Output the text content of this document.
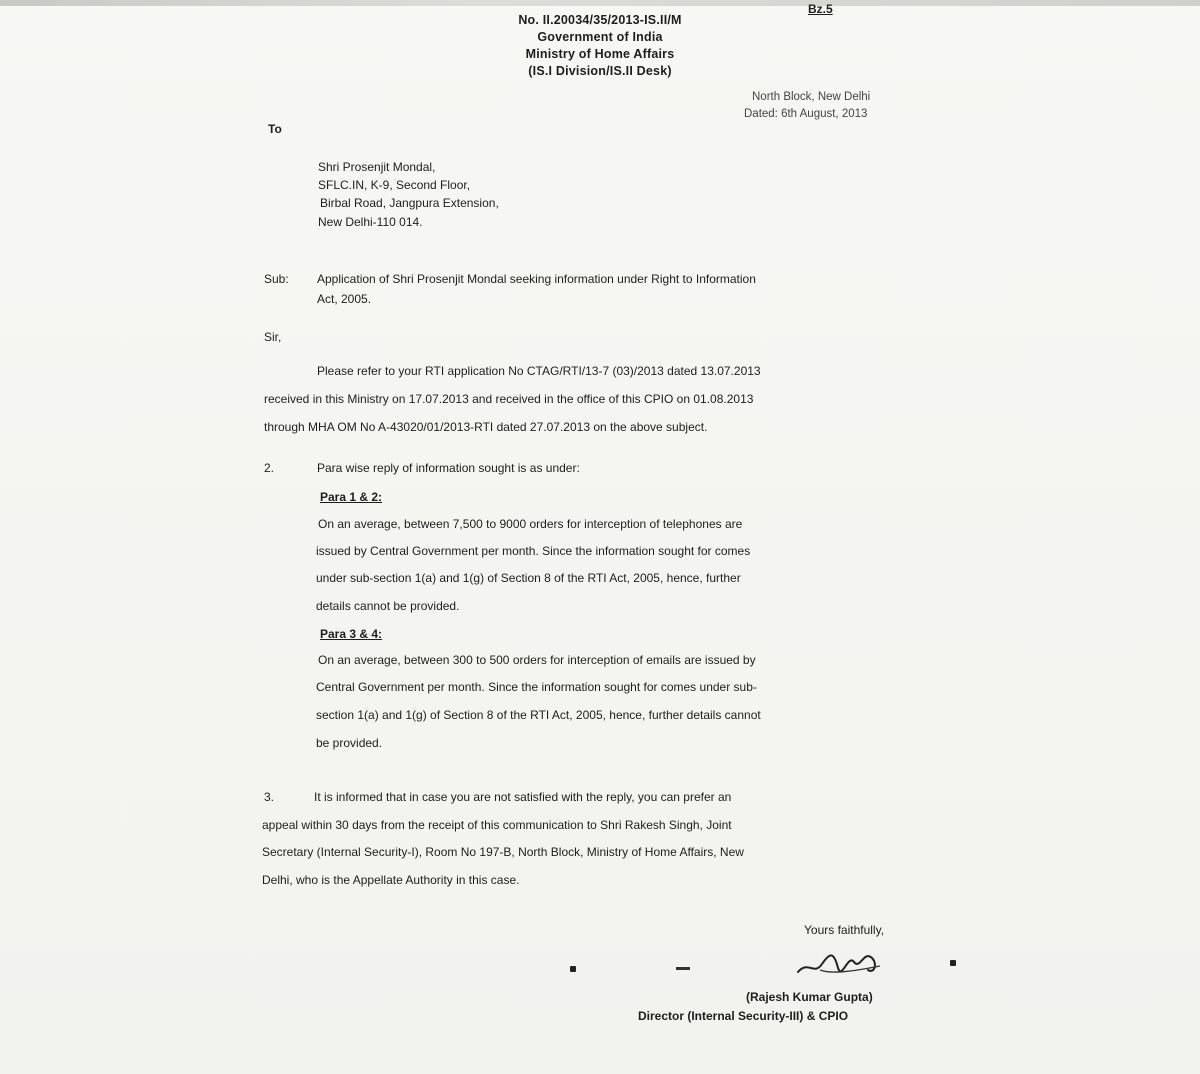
Bz.5
No. II.20034/35/2013-IS.II/M
Government of India
Ministry of Home Affairs
(IS.I Division/IS.II Desk)
North Block, New Delhi
Dated: 6th August, 2013
To
Shri Prosenjit Mondal,
SFLC.IN, K-9, Second Floor,
Birbal Road, Jangpura Extension,
New Delhi-110 014.
Sub: Application of Shri Prosenjit Mondal seeking information under Right to Information
Act, 2005.
Sir,
Please refer to your RTI application No CTAG/RTI/13-7 (03)/2013 dated 13.07.2013
received in this Ministry on 17.07.2013 and received in the office of this CPIO on 01.08.2013
through MHA OM No A-43020/01/2013-RTI dated 27.07.2013 on the above subject.
2.	Para wise reply of information sought is as under:
Para 1 & 2:
On an average, between 7,500 to 9000 orders for interception of telephones are
issued by Central Government per month. Since the information sought for comes
under sub-section 1(a) and 1(g) of Section 8 of the RTI Act, 2005, hence, further
details cannot be provided.
Para 3 & 4:
On an average, between 300 to 500 orders for interception of emails are issued by
Central Government per month. Since the information sought for comes under sub-
section 1(a) and 1(g) of Section 8 of the RTI Act, 2005, hence, further details cannot
be provided.
3.	It is informed that in case you are not satisfied with the reply, you can prefer an
appeal within 30 days from the receipt of this communication to Shri Rakesh Singh, Joint
Secretary (Internal Security-I), Room No 197-B, North Block, Ministry of Home Affairs, New
Delhi, who is the Appellate Authority in this case.
Yours faithfully,
(Rajesh Kumar Gupta)
Director (Internal Security-III) & CPIO
